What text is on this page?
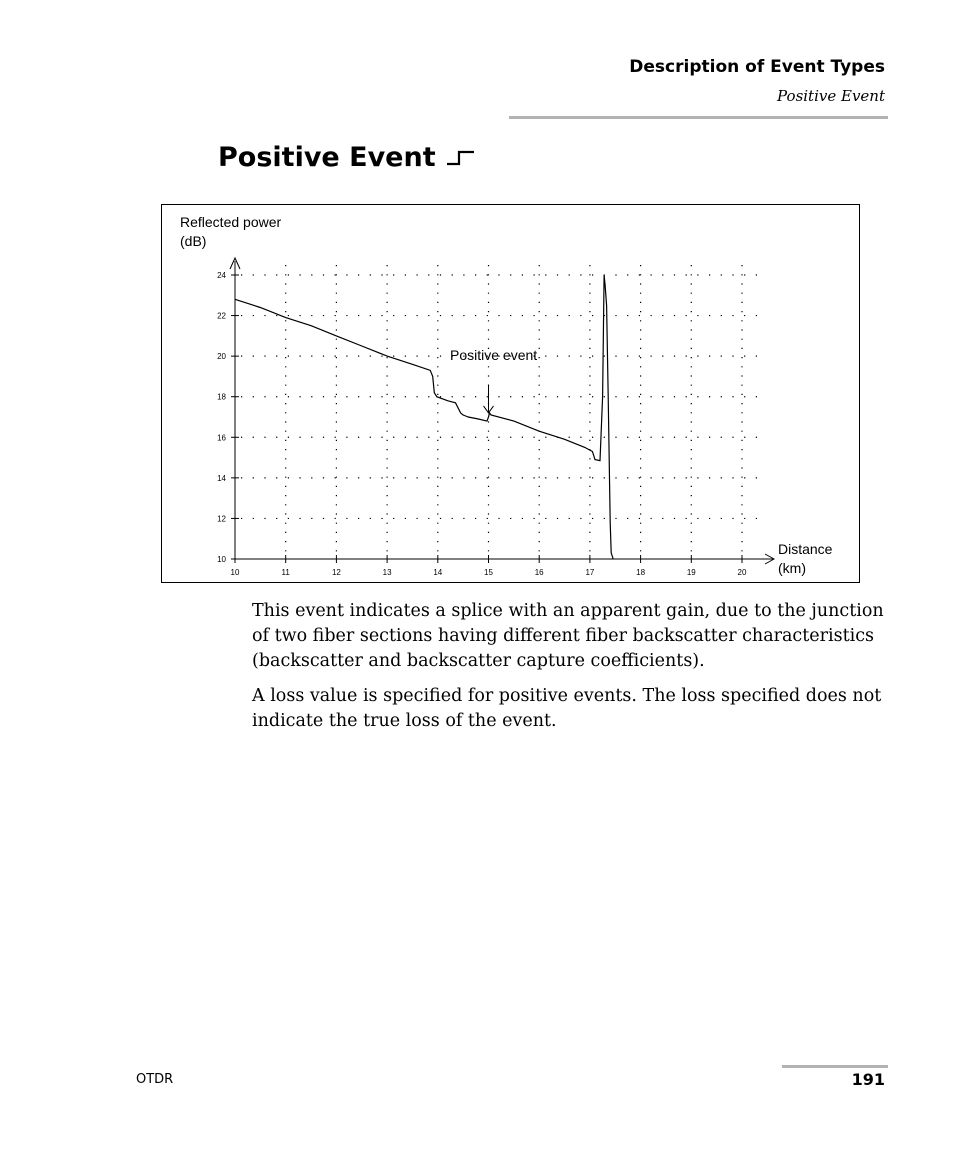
Description of Event Types
Positive Event
Positive Event
10
12
14
16
18
20
22
24
10	11	12	13	14	15	16	17	18	19	20
Positive event
Reflected power
(dB)
Distance
(km)

This event indicates a splice with an apparent gain, due to the junction of two fiber sections having different fiber backscatter characteristics (backscatter and backscatter capture coefficients).

A loss value is specified for positive events. The loss specified does not indicate the true loss of the event.

OTDR	191
